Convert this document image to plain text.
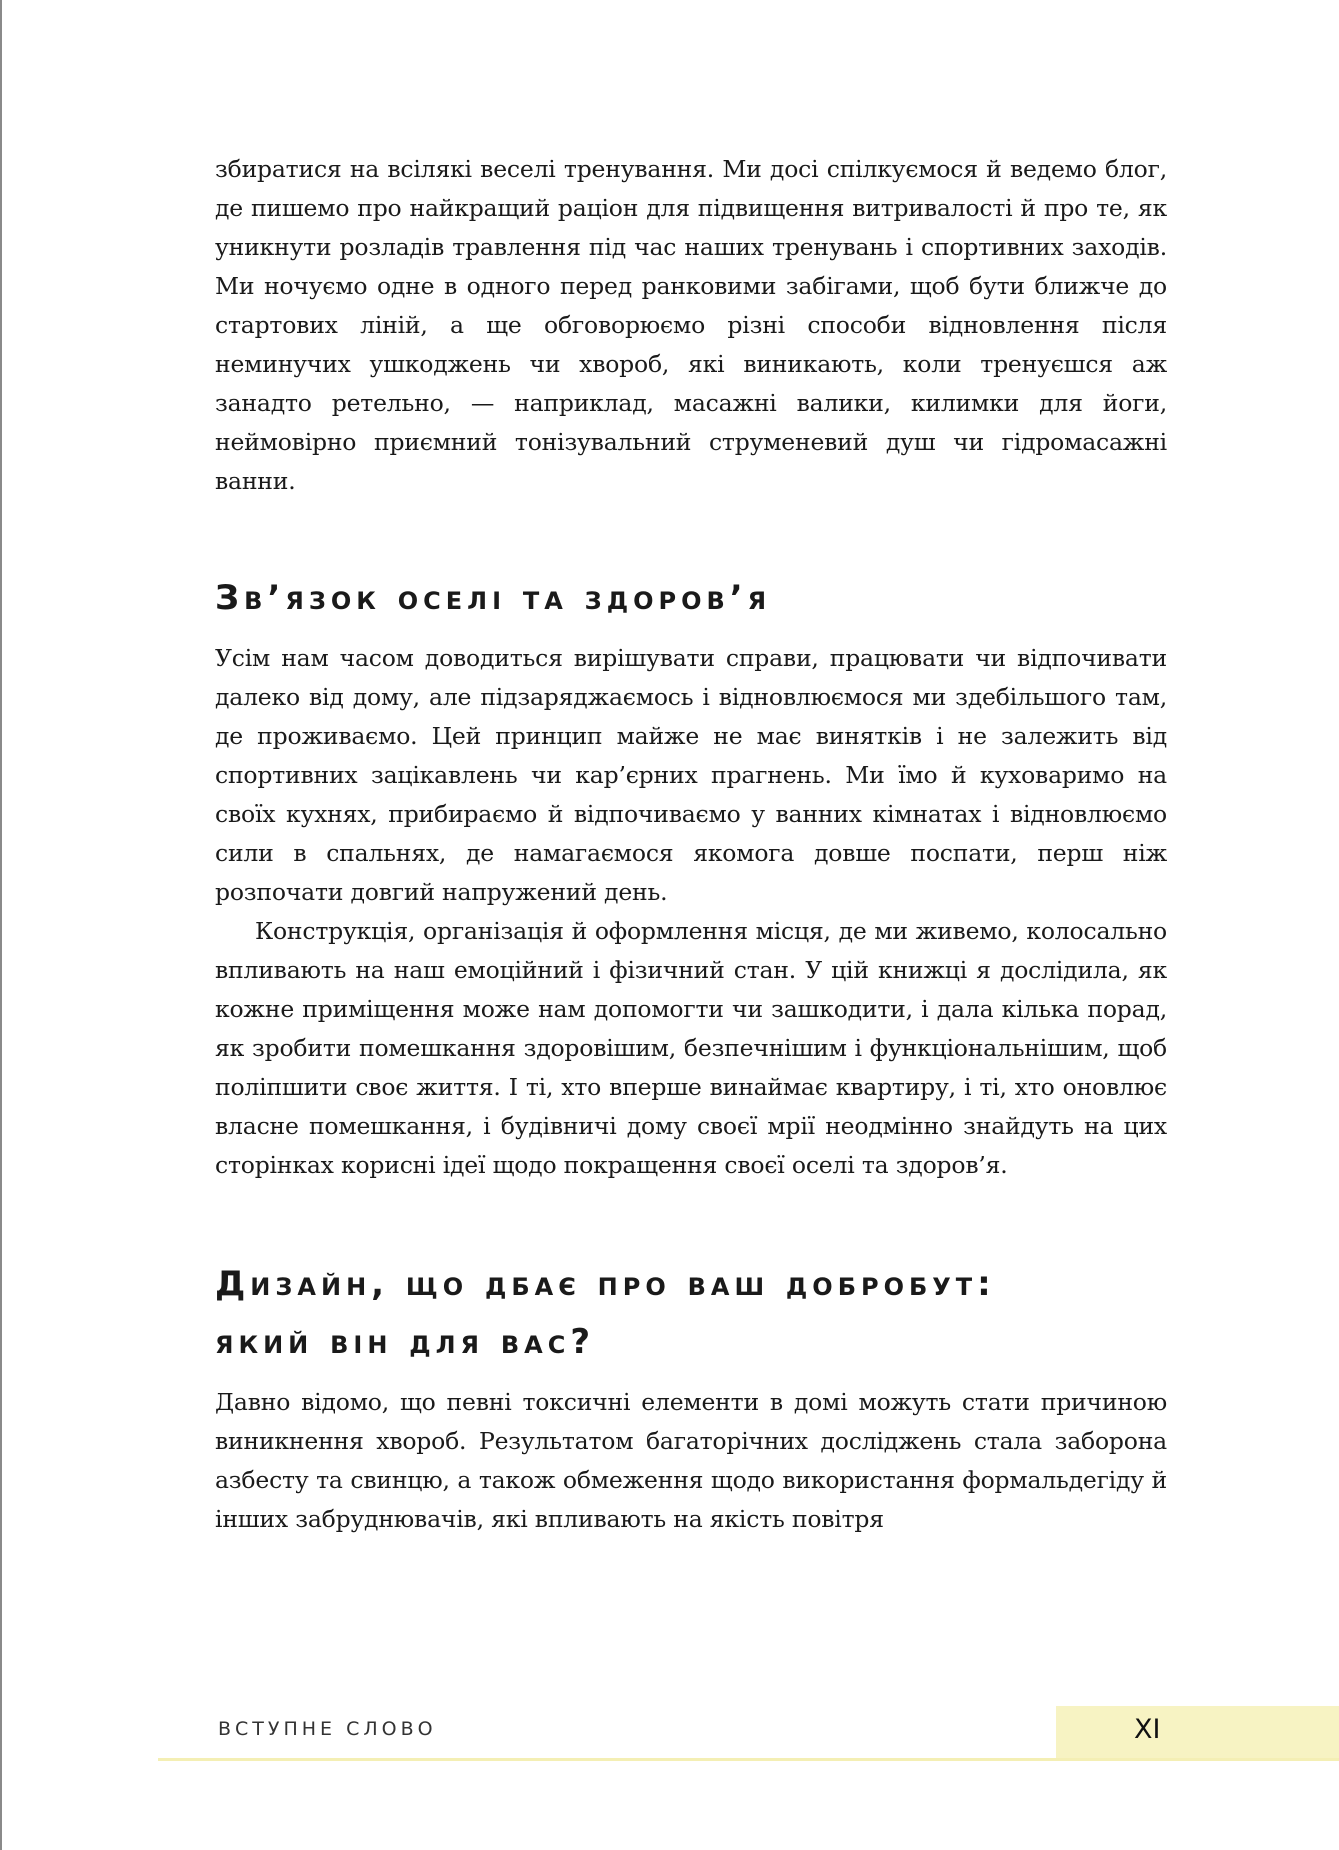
збиратися на всілякі веселі тренування. Ми досі спілкуємося й ведемо блог, де пишемо про найкращий раціон для підвищення витривалості й про те, як уникнути розладів травлення під час наших тренувань і спортивних заходів. Ми ночуємо одне в одного перед ранковими забігами, щоб бути ближче до стартових ліній, а ще обговорюємо різні способи відновлення після неминучих ушкоджень чи хвороб, які виникають, коли тренуєшся аж занадто ретельно, — наприклад, масажні валики, килимки для йоги, неймовірно приємний тонізувальний струменевий душ чи гідромасажні ванни.

Зв’язок оселі та здоров’я

Усім нам часом доводиться вирішувати справи, працювати чи відпочивати далеко від дому, але підзаряджаємось і відновлюємося ми здебільшого там, де проживаємо. Цей принцип майже не має винятків і не залежить від спортивних зацікавлень чи кар’єрних прагнень. Ми їмо й куховаримо на своїх кухнях, прибираємо й відпочиваємо у ванних кімнатах і відновлюємо сили в спальнях, де намагаємося якомога довше поспати, перш ніж розпочати довгий напружений день.

Конструкція, організація й оформлення місця, де ми живемо, колосально впливають на наш емоційний і фізичний стан. У цій книжці я дослідила, як кожне приміщення може нам допомогти чи зашкодити, і дала кілька порад, як зробити помешкання здоровішим, безпечнішим і функціональнішим, щоб поліпшити своє життя. І ті, хто вперше винаймає квартиру, і ті, хто оновлює власне помешкання, і будівничі дому своєї мрії неодмінно знайдуть на цих сторінках корисні ідеї щодо покращення своєї оселі та здоров’я.

Дизайн, що дбає про ваш добробут:
який він для вас?

Давно відомо, що певні токсичні елементи в домі можуть стати причиною виникнення хвороб. Результатом багаторічних досліджень стала заборона азбесту та свинцю, а також обмеження щодо використання формальдегіду й інших забруднювачів, які впливають на якість повітря

ВСТУПНЕ СЛОВО	XI
